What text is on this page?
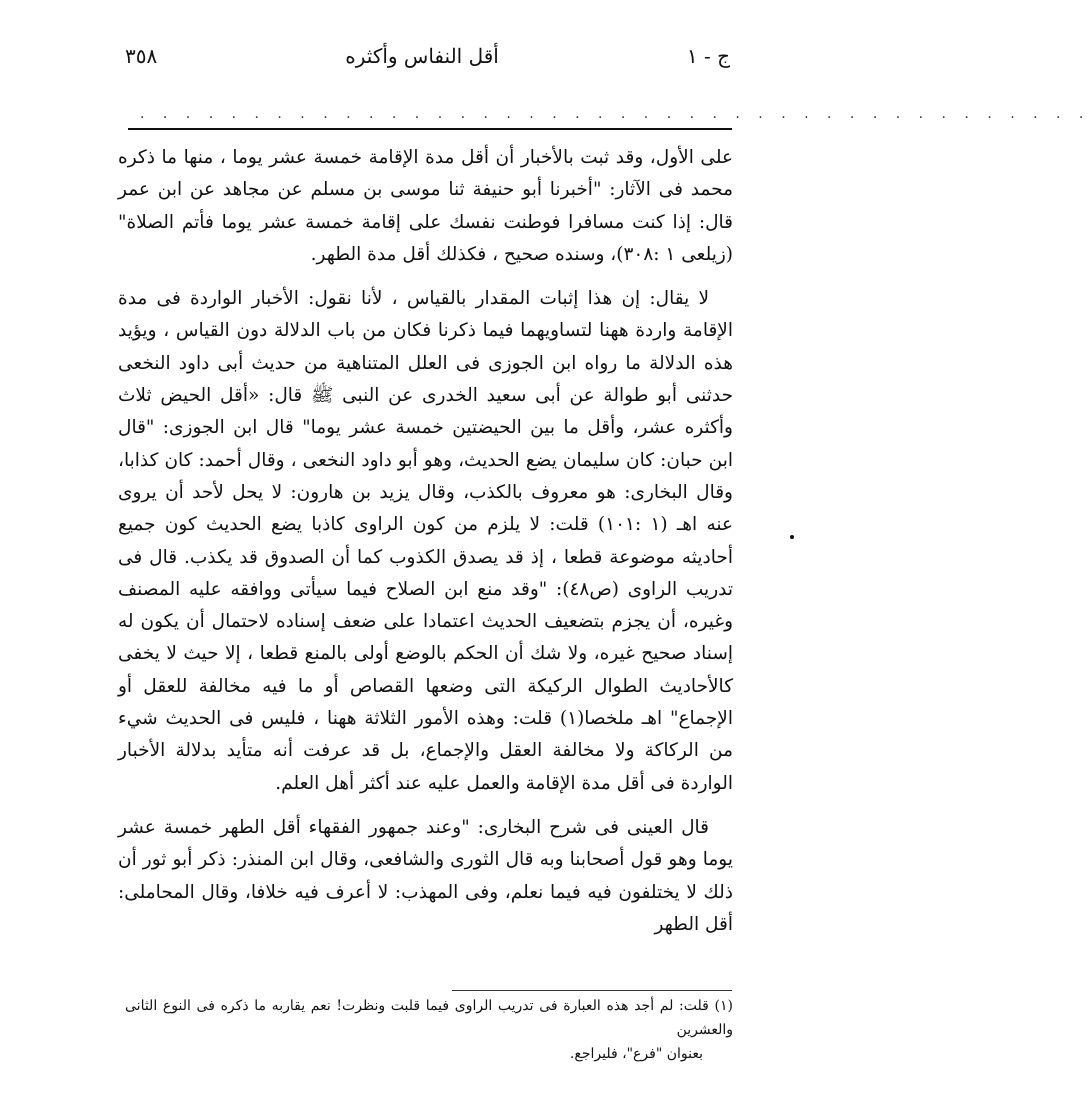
ج - ١
أقل النفاس وأكثره
٣٥٨
. . . . . . . . . . . . . . . . . . . . . . . . . . . . . . . . . . . . . . . . . .

على الأول، وقد ثبت بالأخبار أن أقل مدة الإقامة خمسة عشر يوما ، منها ما ذكره محمد فى الآثار: "أخبرنا أبو حنيفة ثنا موسى بن مسلم عن مجاهد عن ابن عمر قال: إذا كنت مسافرا فوطنت نفسك على إقامة خمسة عشر يوما فأتم الصلاة" (زيلعى ١ :٣٠٨)، وسنده صحيح ، فكذلك أقل مدة الطهر.

لا يقال: إن هذا إثبات المقدار بالقياس ، لأنا نقول: الأخبار الواردة فى مدة الإقامة واردة ههنا لتساويهما فيما ذكرنا فكان من باب الدلالة دون القياس ، ويؤيد هذه الدلالة ما رواه ابن الجوزى فى العلل المتناهية من حديث أبى داود النخعى حدثنى أبو طوالة عن أبى سعيد الخدرى عن النبى ﷺ قال: «أقل الحيض ثلاث وأكثره عشر، وأقل ما بين الحيضتين خمسة عشر يوما" قال ابن الجوزى: "قال ابن حبان: كان سليمان يضع الحديث، وهو أبو داود النخعى ، وقال أحمد: كان كذابا، وقال البخارى: هو معروف بالكذب، وقال يزيد بن هارون: لا يحل لأحد أن يروى عنه اهـ (١ :١٠١) قلت: لا يلزم من كون الراوى كاذبا يضع الحديث كون جميع أحاديثه موضوعة قطعا ، إذ قد يصدق الكذوب كما أن الصدوق قد يكذب. قال فى تدريب الراوى (ص٤٨): "وقد منع ابن الصلاح فيما سيأتى ووافقه عليه المصنف وغيره، أن يجزم بتضعيف الحديث اعتمادا على ضعف إسناده لاحتمال أن يكون له إسناد صحيح غيره، ولا شك أن الحكم بالوضع أولى بالمنع قطعا ، إلا حيث لا يخفى كالأحاديث الطوال الركيكة التى وضعها القصاص أو ما فيه مخالفة للعقل أو الإجماع" اهـ ملخصا(١) قلت: وهذه الأمور الثلاثة ههنا ، فليس فى الحديث شيء من الركاكة ولا مخالفة العقل والإجماع، بل قد عرفت أنه متأيد بدلالة الأخبار الواردة فى أقل مدة الإقامة والعمل عليه عند أكثر أهل العلم.

قال العينى فى شرح البخارى: "وعند جمهور الفقهاء أقل الطهر خمسة عشر يوما وهو قول أصحابنا وبه قال الثورى والشافعى، وقال ابن المنذر: ذكر أبو ثور أن ذلك لا يختلفون فيه فيما نعلم، وفى المهذب: لا أعرف فيه خلافا، وقال المحاملى: أقل الطهر

(١) قلت: لم أجد هذه العبارة فى تدريب الراوى فيما قلبت ونظرت! نعم يقاربه ما ذكره فى النوع الثانى والعشرين
بعنوان "فرع"، فليراجع.
